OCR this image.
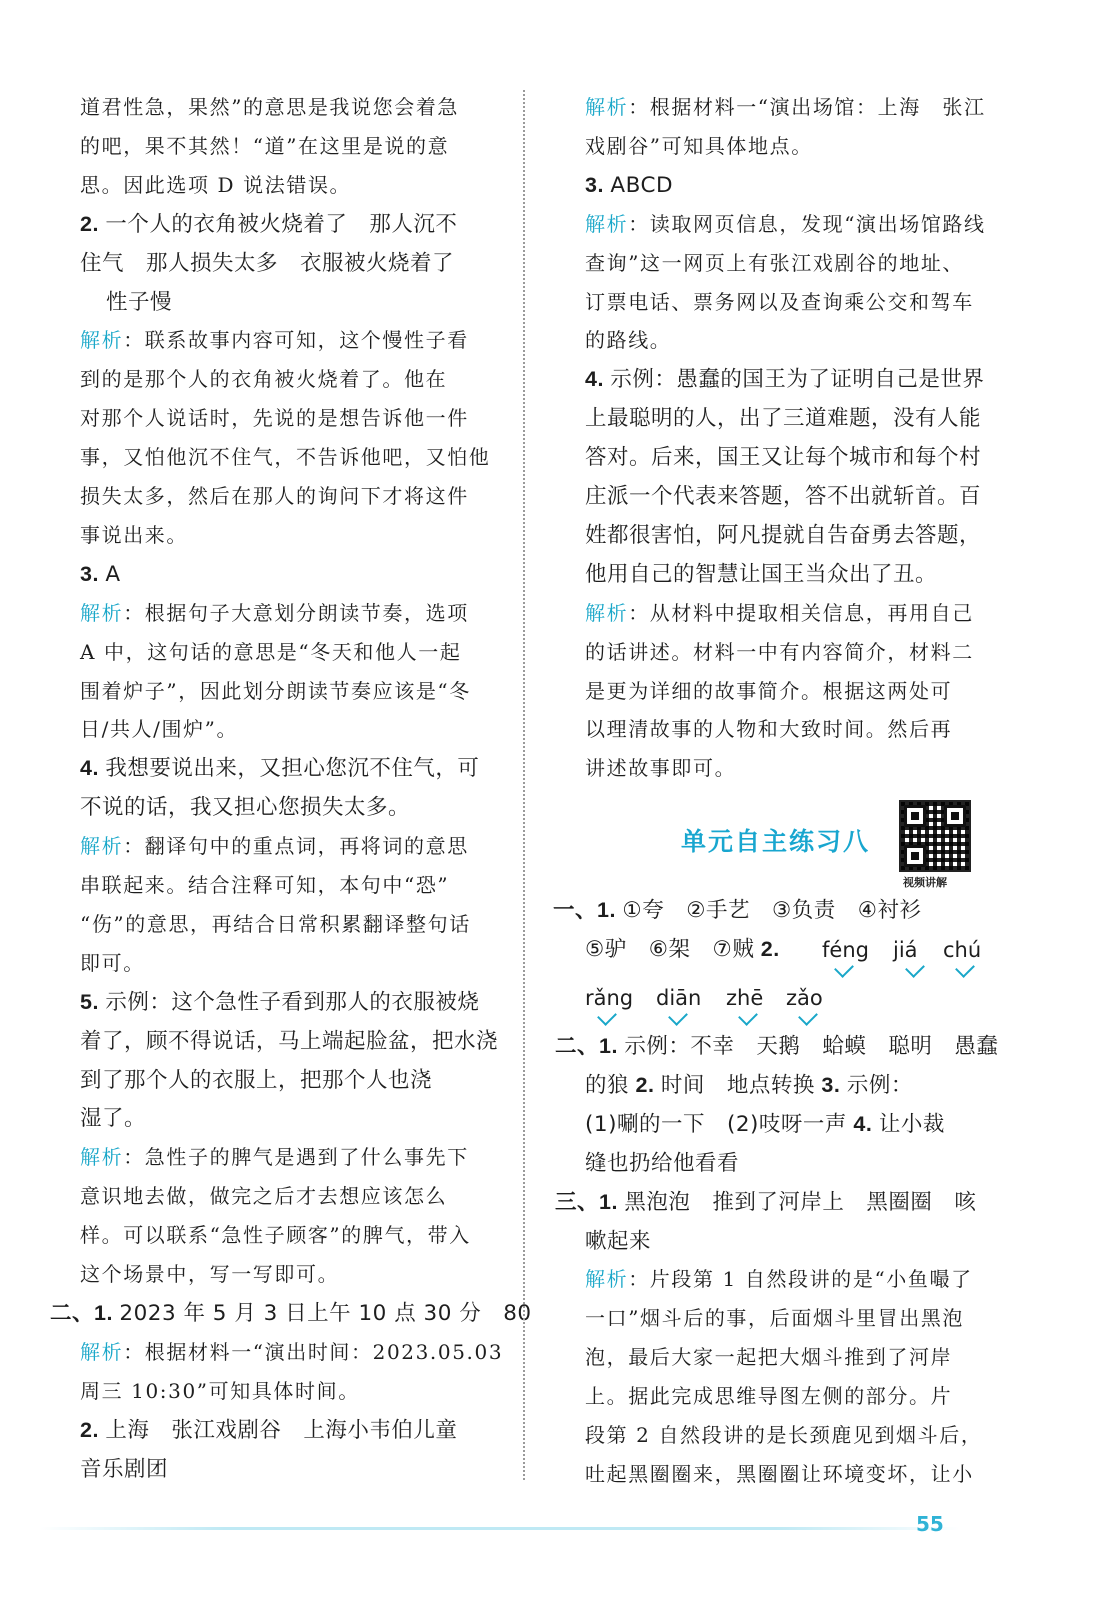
道君性急，果然”的意思是我说您会着急
的吧，果不其然！“道”在这里是说的意
思。因此选项 D 说法错误。
2. 一个人的衣角被火烧着了　那人沉不
住气　那人损失太多　衣服被火烧着了
性子慢
解析：联系故事内容可知，这个慢性子看
到的是那个人的衣角被火烧着了。他在
对那个人说话时，先说的是想告诉他一件
事，又怕他沉不住气，不告诉他吧，又怕他
损失太多，然后在那人的询问下才将这件
事说出来。
3. A
解析：根据句子大意划分朗读节奏，选项
A 中，这句话的意思是“冬天和他人一起
围着炉子”，因此划分朗读节奏应该是“冬
日/共人/围炉”。
4. 我想要说出来，又担心您沉不住气，可
不说的话，我又担心您损失太多。
解析：翻译句中的重点词，再将词的意思
串联起来。结合注释可知，本句中“恐”
“伤”的意思，再结合日常积累翻译整句话
即可。
5. 示例：这个急性子看到那人的衣服被烧
着了，顾不得说话，马上端起脸盆，把水浇
到了那个人的衣服上，把那个人也浇
湿了。
解析：急性子的脾气是遇到了什么事先下
意识地去做，做完之后才去想应该怎么
样。可以联系“急性子顾客”的脾气，带入
这个场景中，写一写即可。
二、1. 2023 年 5 月 3 日上午 10 点 30 分　80
解析：根据材料一“演出时间：2023.05.03
周三 10:30”可知具体时间。
2. 上海　张江戏剧谷　上海小韦伯儿童
音乐剧团
解析：根据材料一“演出场馆：上海　张江
戏剧谷”可知具体地点。
3. ABCD
解析：读取网页信息，发现“演出场馆路线
查询”这一网页上有张江戏剧谷的地址、
订票电话、票务网以及查询乘公交和驾车
的路线。
4. 示例：愚蠢的国王为了证明自己是世界
上最聪明的人，出了三道难题，没有人能
答对。后来，国王又让每个城市和每个村
庄派一个代表来答题，答不出就斩首。百
姓都很害怕，阿凡提就自告奋勇去答题，
他用自己的智慧让国王当众出了丑。
解析：从材料中提取相关信息，再用自己
的话讲述。材料一中有内容简介，材料二
是更为详细的故事简介。根据这两处可
以理清故事的人物和大致时间。然后再
讲述故事即可。
单元自主练习八
视频讲解
一、1. ①夸　②手艺　③负责　④衬衫
⑤驴　⑥架　⑦贼 2. féng jiá chú
rǎng diān zhē zǎo
二、1. 示例：不幸　天鹅　蛤蟆　聪明　愚蠢
的狼 2. 时间　地点转换 3. 示例：
(1)唰的一下　(2)吱呀一声 4. 让小裁
缝也扔给他看看
三、1. 黑泡泡　推到了河岸上　黑圈圈　咳
嗽起来
解析：片段第 1 自然段讲的是“小鱼嘬了
一口”烟斗后的事，后面烟斗里冒出黑泡
泡，最后大家一起把大烟斗推到了河岸
上。据此完成思维导图左侧的部分。片
段第 2 自然段讲的是长颈鹿见到烟斗后，
吐起黑圈圈来，黑圈圈让环境变坏，让小
55
